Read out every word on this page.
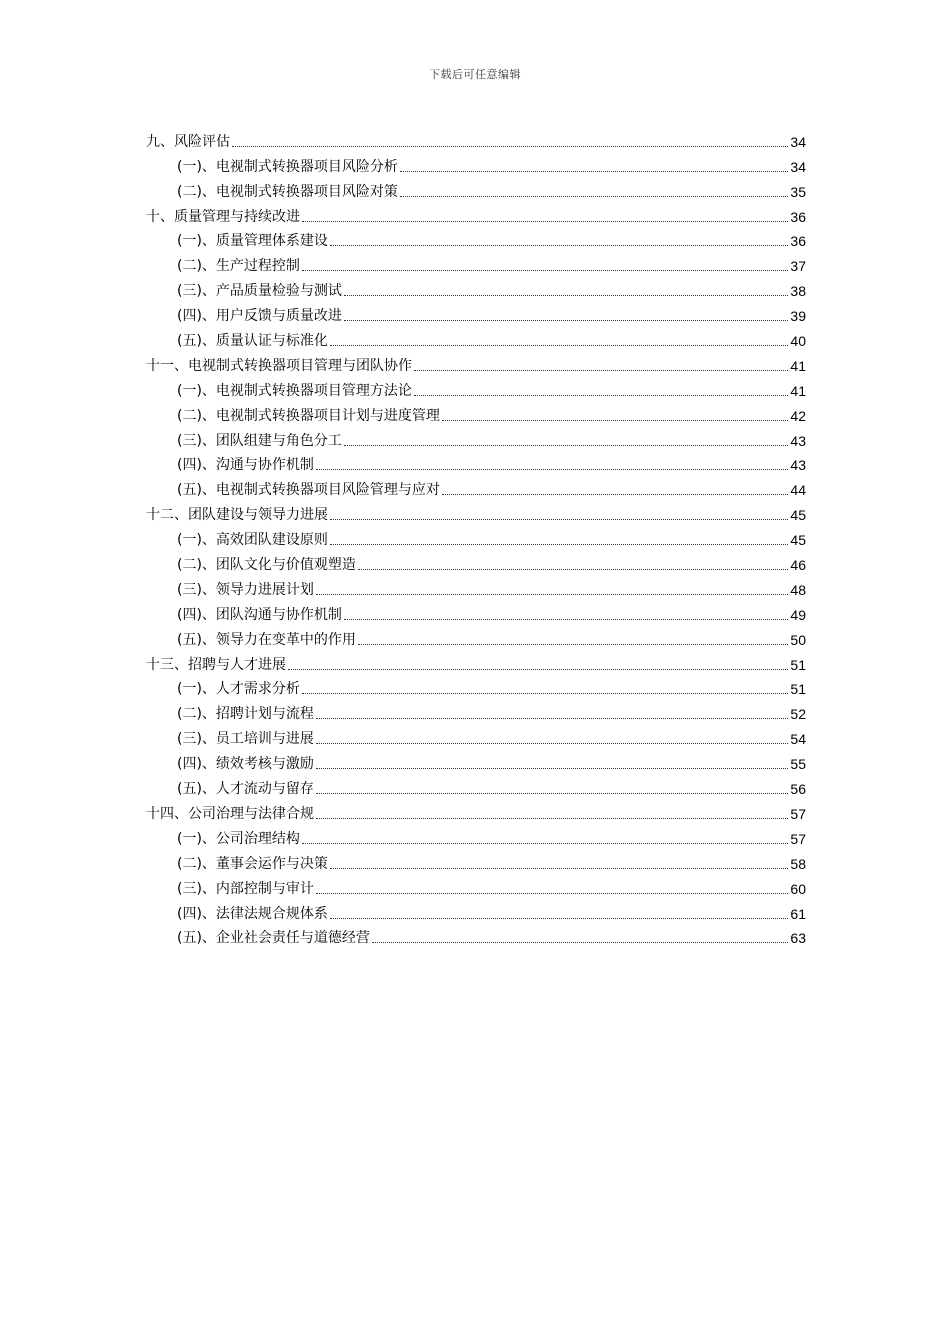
下载后可任意编辑
九、风险评估	34
(一)、电视制式转换器项目风险分析	34
(二)、电视制式转换器项目风险对策	35
十、质量管理与持续改进	36
(一)、质量管理体系建设	36
(二)、生产过程控制	37
(三)、产品质量检验与测试	38
(四)、用户反馈与质量改进	39
(五)、质量认证与标准化	40
十一、电视制式转换器项目管理与团队协作	41
(一)、电视制式转换器项目管理方法论	41
(二)、电视制式转换器项目计划与进度管理	42
(三)、团队组建与角色分工	43
(四)、沟通与协作机制	43
(五)、电视制式转换器项目风险管理与应对	44
十二、团队建设与领导力进展	45
(一)、高效团队建设原则	45
(二)、团队文化与价值观塑造	46
(三)、领导力进展计划	48
(四)、团队沟通与协作机制	49
(五)、领导力在变革中的作用	50
十三、招聘与人才进展	51
(一)、人才需求分析	51
(二)、招聘计划与流程	52
(三)、员工培训与进展	54
(四)、绩效考核与激励	55
(五)、人才流动与留存	56
十四、公司治理与法律合规	57
(一)、公司治理结构	57
(二)、董事会运作与决策	58
(三)、内部控制与审计	60
(四)、法律法规合规体系	61
(五)、企业社会责任与道德经营	63
